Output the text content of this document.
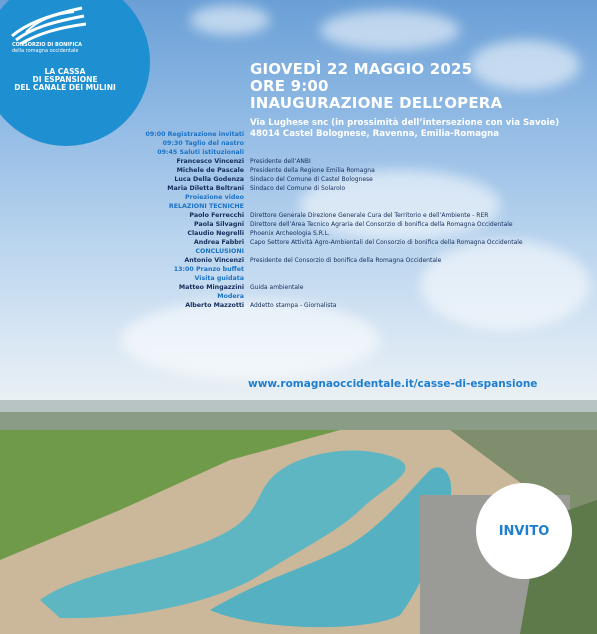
CONSORZIO DI BONIFICA
della romagna occidentale
LA CASSA
DI ESPANSIONE
DEL CANALE DEI MULINI
GIOVEDÌ 22 MAGGIO 2025
ORE 9:00
INAUGURAZIONE DELL’OPERA
Via Lughese snc (in prossimità dell’intersezione con via Savoie)
48014 Castel Bolognese, Ravenna, Emilia-Romagna
09:00 Registrazione invitati
09:30 Taglio del nastro
09:45 Saluti istituzionali
Francesco Vincenzi
Michele de Pascale
Luca Della Godenza
Maria Diletta Beltrani
Proiezione video
RELAZIONI TECNICHE
Paolo Ferrecchi
Paola Silvagni
Claudio Negrelli
Andrea Fabbri
CONCLUSIONI
Antonio Vincenzi
13:00 Pranzo buffet
Visita guidata
Matteo Mingazzini
Modera
Alberto Mazzotti
www.romagnaoccidentale.it/casse-di-espansione
INVITO
Presidente dell’ANBI
Presidente della Regione Emilia Romagna
Sindaco del Comune di Castel Bolognese
Sindaco del Comune di Solarolo
Direttore Generale Direzione Generale Cura del Territorio e dell’Ambiente - RER
Direttore dell’Area Tecnico Agraria del Consorzio di bonifica della Romagna Occidentale
Phoenix Archeologia S.R.L.
Capo Settore Attività Agro-Ambientali del Consorzio di bonifica della Romagna Occidentale
Presidente del Consorzio di bonifica della Romagna Occidentale
Guida ambientale
Addetto stampa - Giornalista
